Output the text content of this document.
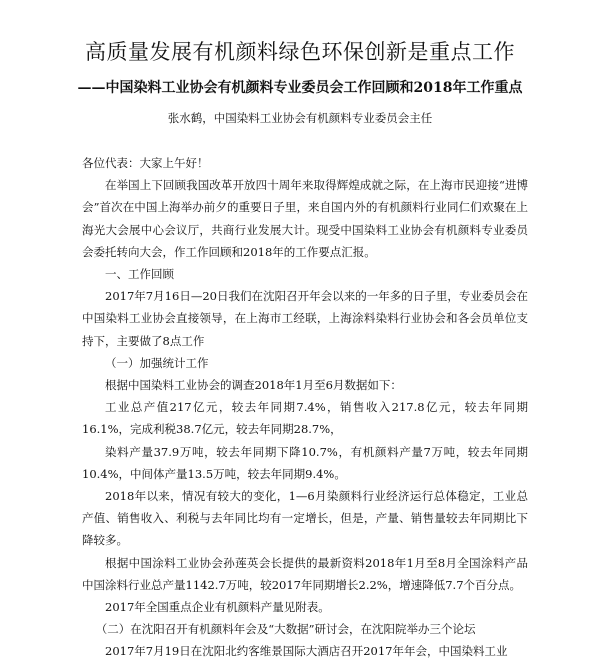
高质量发展有机颜料绿色环保创新是重点工作
——中国染料工业协会有机颜料专业委员会工作回顾和2018年工作重点
张水鹤，中国染料工业协会有机颜料专业委员会主任

各位代表：大家上午好！

在举国上下回顾我国改革开放四十周年来取得辉煌成就之际，在上海市民迎接“进博会”首次在中国上海举办前夕的重要日子里，来自国内外的有机颜料行业同仁们欢聚在上海光大会展中心会议厅，共商行业发展大计。现受中国染料工业协会有机颜料专业委员会委托转向大会，作工作回顾和2018年的工作要点汇报。

一、工作回顾

2017年7月16日—20日我们在沈阳召开年会以来的一年多的日子里，专业委员会在中国染料工业协会直接领导，在上海市工经联，上海涂料染料行业协会和各会员单位支持下，主要做了8点工作

（一）加强统计工作

根据中国染料工业协会的调查2018年1月至6月数据如下：

工业总产值217亿元，较去年同期7.4%，销售收入217.8亿元，较去年同期16.1%，完成利税38.7亿元，较去年同期28.7%，

染料产量37.9万吨，较去年同期下降10.7%，有机颜料产量7万吨，较去年同期10.4%，中间体产量13.5万吨，较去年同期9.4%。

2018年以来，情况有较大的变化，1—6月染颜料行业经济运行总体稳定，工业总产值、销售收入、利税与去年同比均有一定增长，但是，产量、销售量较去年同期比下降较多。

根据中国涂料工业协会孙莲英会长提供的最新资料2018年1月至8月全国涂料产品中国涂料行业总产量1142.7万吨，较2017年同期增长2.2%，增速降低7.7个百分点。

2017年全国重点企业有机颜料产量见附表。

（二）在沈阳召开有机颜料年会及“大数据”研讨会，在沈阳院举办三个论坛

2017年7月19日在沈阳北约客维景国际大酒店召开2017年年会，中国染料工业
